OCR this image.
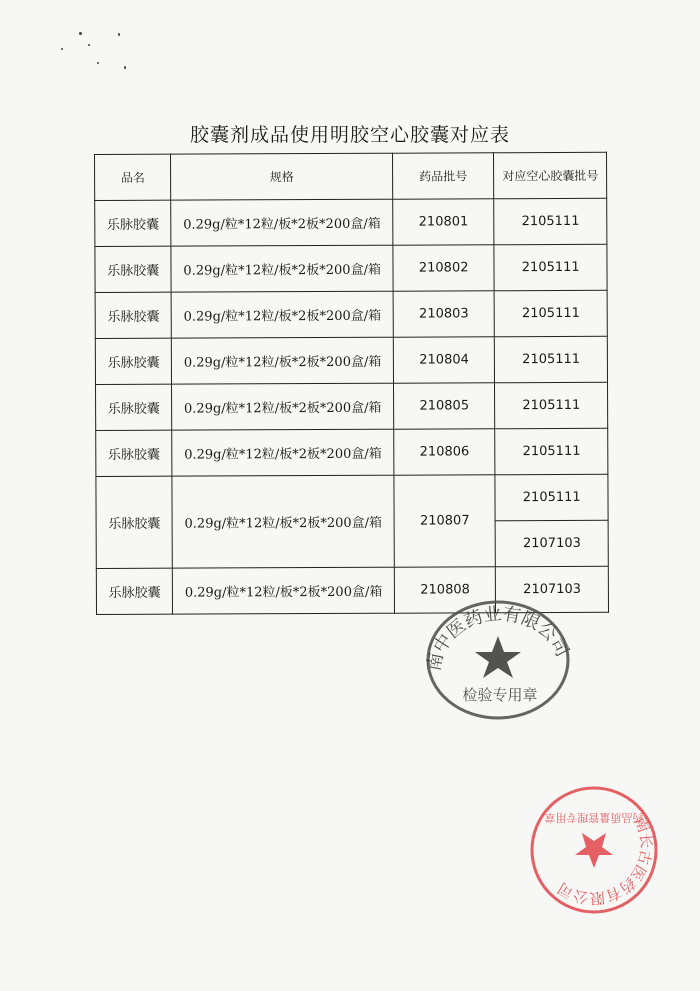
胶囊剂成品使用明胶空心胶囊对应表
品名	规格	药品批号	对应空心胶囊批号
乐脉胶囊	0.29g/粒*12粒/板*2板*200盒/箱	210801	2105111
乐脉胶囊	0.29g/粒*12粒/板*2板*200盒/箱	210802	2105111
乐脉胶囊	0.29g/粒*12粒/板*2板*200盒/箱	210803	2105111
乐脉胶囊	0.29g/粒*12粒/板*2板*200盒/箱	210804	2105111
乐脉胶囊	0.29g/粒*12粒/板*2板*200盒/箱	210805	2105111
乐脉胶囊	0.29g/粒*12粒/板*2板*200盒/箱	210806	2105111
乐脉胶囊	0.29g/粒*12粒/板*2板*200盒/箱	210807	2105111
			2107103
乐脉胶囊	0.29g/粒*12粒/板*2板*200盒/箱	210808	2107103
南中医药业有限公司
检验专用章
南长古医药有限公司
药品质量管理专用章
